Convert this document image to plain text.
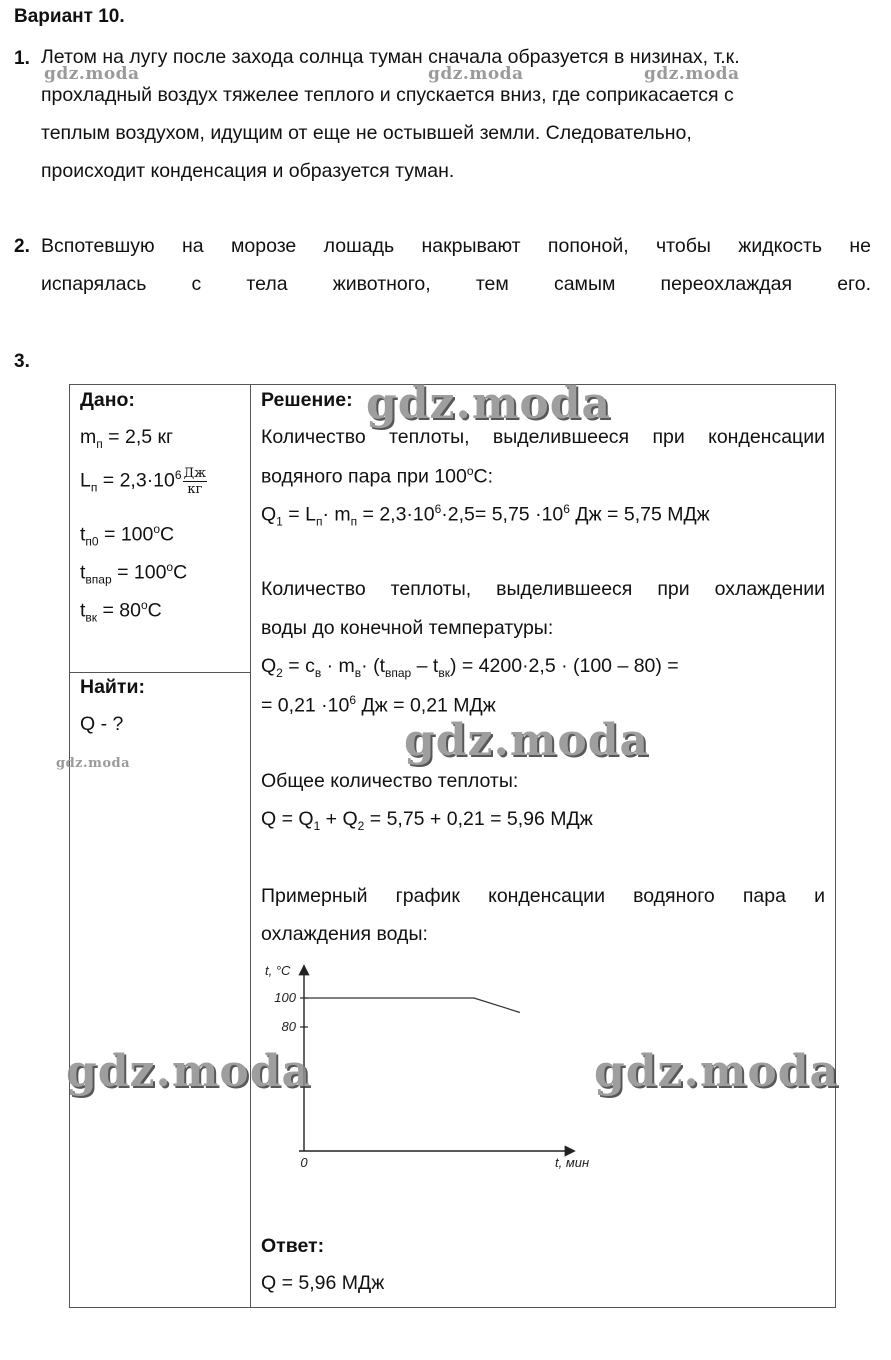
Вариант 10.
1. Летом на лугу после захода солнца туман сначала образуется в низинах, т.к.
прохладный воздух тяжелее теплого и спускается вниз, где соприкасается с
теплым воздухом, идущим от еще не остывшей земли. Следовательно,
происходит конденсация и образуется туман.
2. Вспотевшую на морозе лошадь накрывают попоной, чтобы жидкость не
испарялась с тела животного, тем самым переохлаждая его.
3.
Дано:
$m_п = 2,5$ кг
$L_п = 2,3\cdot 10^6 \frac{Дж}{кг}$
$t_{п0} = 100^oC$
$t_{впар} = 100^oC$
$t_{вк} = 80^oC$
Найти:
Q - ?
Решение:
Количество теплоты, выделившееся при конденсации
водяного пара при 100$^o$C:
$Q_1 = L_п\cdot m_п = 2,3\cdot 10^6\cdot 2,5= 5,75 \cdot 10^6$ Дж = 5,75 МДж
Количество теплоты, выделившееся при охлаждении
воды до конечной температуры:
$Q_2 = c_в \cdot m_в\cdot (t_{впар} - t_{вк}) = 4200\cdot 2,5 \cdot (100 - 80)$ =
= $0,21 \cdot 10^6$ Дж = 0,21 МДж
Общее количество теплоты:
$Q = Q_1 + Q_2 = 5,75 + 0,21 = 5,96$ МДж
Примерный график конденсации водяного пара и
охлаждения воды:
t, °C
t, мин
0
100
80
Ответ:
Q = 5,96 МДж
gdz.moda	gdz.moda	gdz.moda
gdz.moda
gdz.moda
gdz.moda
gdz.moda	gdz.moda
